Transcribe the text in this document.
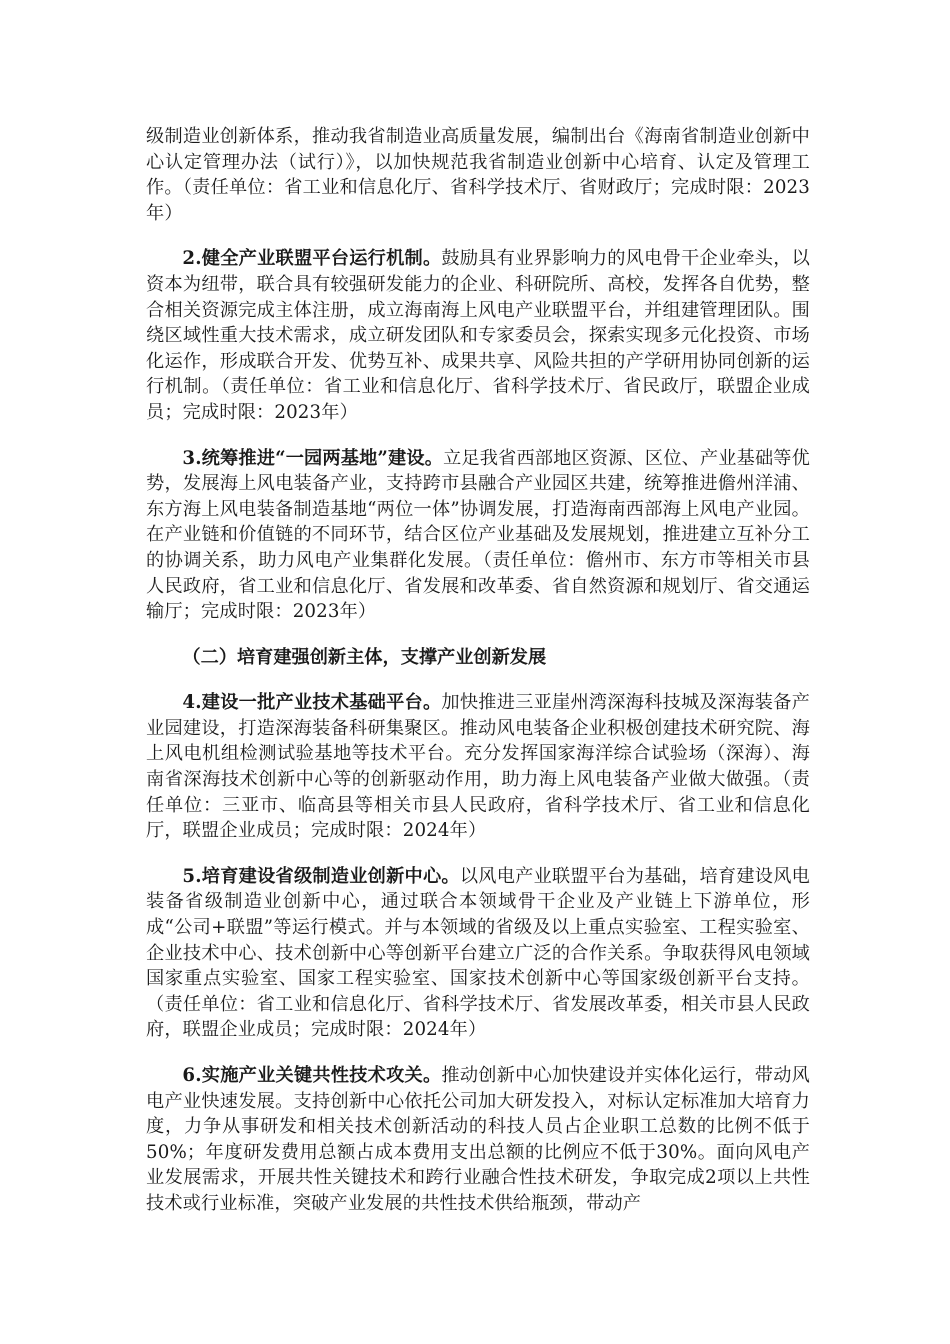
级制造业创新体系，推动我省制造业高质量发展，编制出台《海南省制造业创新中心认定管理办法（试行）》，以加快规范我省制造业创新中心培育、认定及管理工作。（责任单位：省工业和信息化厅、省科学技术厅、省财政厅；完成时限：2023年）

2.健全产业联盟平台运行机制。鼓励具有业界影响力的风电骨干企业牵头，以资本为纽带，联合具有较强研发能力的企业、科研院所、高校，发挥各自优势，整合相关资源完成主体注册，成立海南海上风电产业联盟平台，并组建管理团队。围绕区域性重大技术需求，成立研发团队和专家委员会，探索实现多元化投资、市场化运作，形成联合开发、优势互补、成果共享、风险共担的产学研用协同创新的运行机制。（责任单位：省工业和信息化厅、省科学技术厅、省民政厅，联盟企业成员；完成时限：2023年）

3.统筹推进“一园两基地”建设。立足我省西部地区资源、区位、产业基础等优势，发展海上风电装备产业，支持跨市县融合产业园区共建，统筹推进儋州洋浦、东方海上风电装备制造基地“两位一体”协调发展，打造海南西部海上风电产业园。在产业链和价值链的不同环节，结合区位产业基础及发展规划，推进建立互补分工的协调关系，助力风电产业集群化发展。（责任单位：儋州市、东方市等相关市县人民政府，省工业和信息化厅、省发展和改革委、省自然资源和规划厅、省交通运输厅；完成时限：2023年）

（二）培育建强创新主体，支撑产业创新发展

4.建设一批产业技术基础平台。加快推进三亚崖州湾深海科技城及深海装备产业园建设，打造深海装备科研集聚区。推动风电装备企业积极创建技术研究院、海上风电机组检测试验基地等技术平台。充分发挥国家海洋综合试验场（深海）、海南省深海技术创新中心等的创新驱动作用，助力海上风电装备产业做大做强。（责任单位：三亚市、临高县等相关市县人民政府，省科学技术厅、省工业和信息化厅，联盟企业成员；完成时限：2024年）

5.培育建设省级制造业创新中心。以风电产业联盟平台为基础，培育建设风电装备省级制造业创新中心，通过联合本领域骨干企业及产业链上下游单位，形成“公司+联盟”等运行模式。并与本领域的省级及以上重点实验室、工程实验室、企业技术中心、技术创新中心等创新平台建立广泛的合作关系。争取获得风电领域国家重点实验室、国家工程实验室、国家技术创新中心等国家级创新平台支持。（责任单位：省工业和信息化厅、省科学技术厅、省发展改革委，相关市县人民政府，联盟企业成员；完成时限：2024年）

6.实施产业关键共性技术攻关。推动创新中心加快建设并实体化运行，带动风电产业快速发展。支持创新中心依托公司加大研发投入，对标认定标准加大培育力度，力争从事研发和相关技术创新活动的科技人员占企业职工总数的比例不低于50%；年度研发费用总额占成本费用支出总额的比例应不低于30%。面向风电产业发展需求，开展共性关键技术和跨行业融合性技术研发，争取完成2项以上共性技术或行业标准，突破产业发展的共性技术供给瓶颈，带动产
